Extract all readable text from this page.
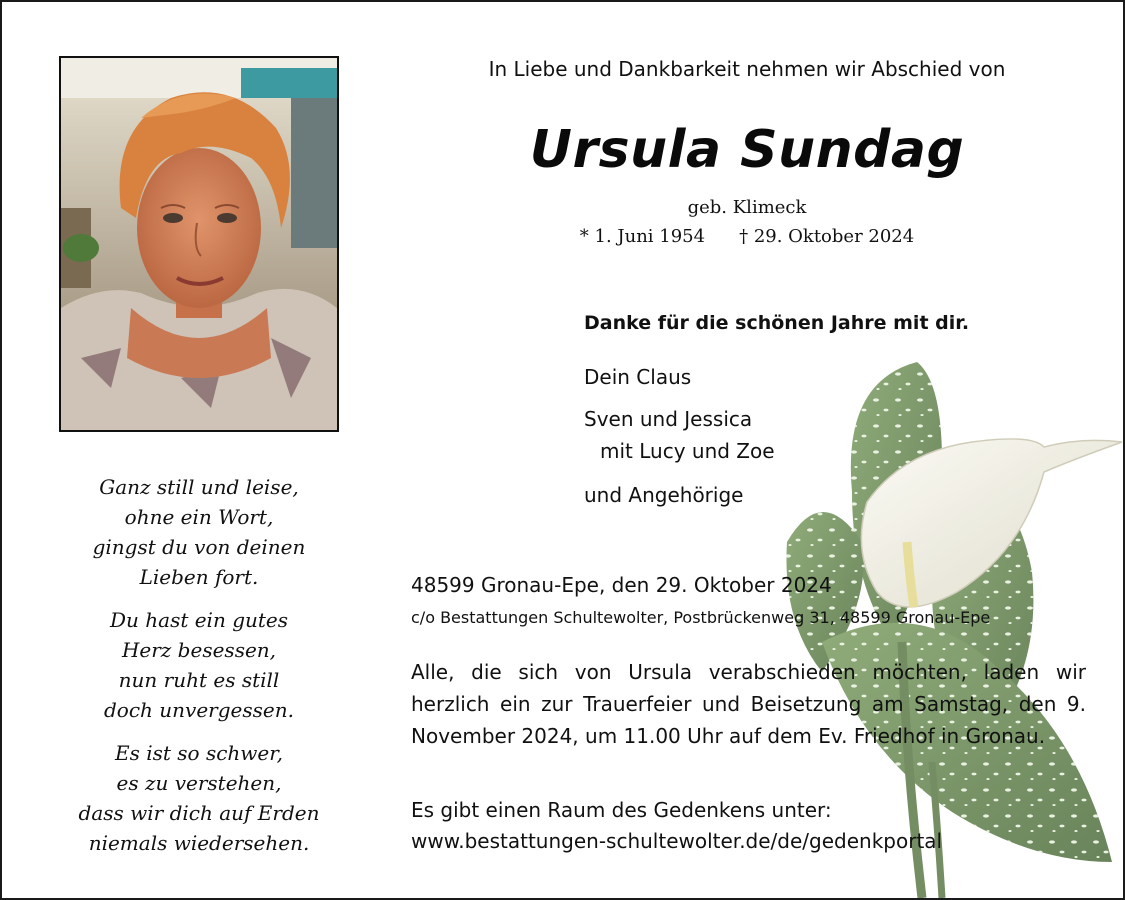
Ganz still und leise,
ohne ein Wort,
gingst du von deinen
Lieben fort.
Du hast ein gutes
Herz besessen,
nun ruht es still
doch unvergessen.
Es ist so schwer,
es zu verstehen,
dass wir dich auf Erden
niemals wiedersehen.
In Liebe und Dankbarkeit nehmen wir Abschied von
Ursula Sundag
geb. Klimeck
* 1. Juni 1954 † 29. Oktober 2024
Danke für die schönen Jahre mit dir.
Dein Claus
Sven und Jessica
mit Lucy und Zoe
und Angehörige
48599 Gronau-Epe, den 29. Oktober 2024
c/o Bestattungen Schultewolter, Postbrückenweg 31, 48599 Gronau-Epe
Alle, die sich von Ursula verabschieden möchten, laden wir herzlich ein zur Trauerfeier und Beisetzung am Samstag, den 9. November 2024, um 11.00 Uhr auf dem Ev. Friedhof in Gronau.
Es gibt einen Raum des Gedenkens unter:
www.bestattungen-schultewolter.de/de/gedenkportal
